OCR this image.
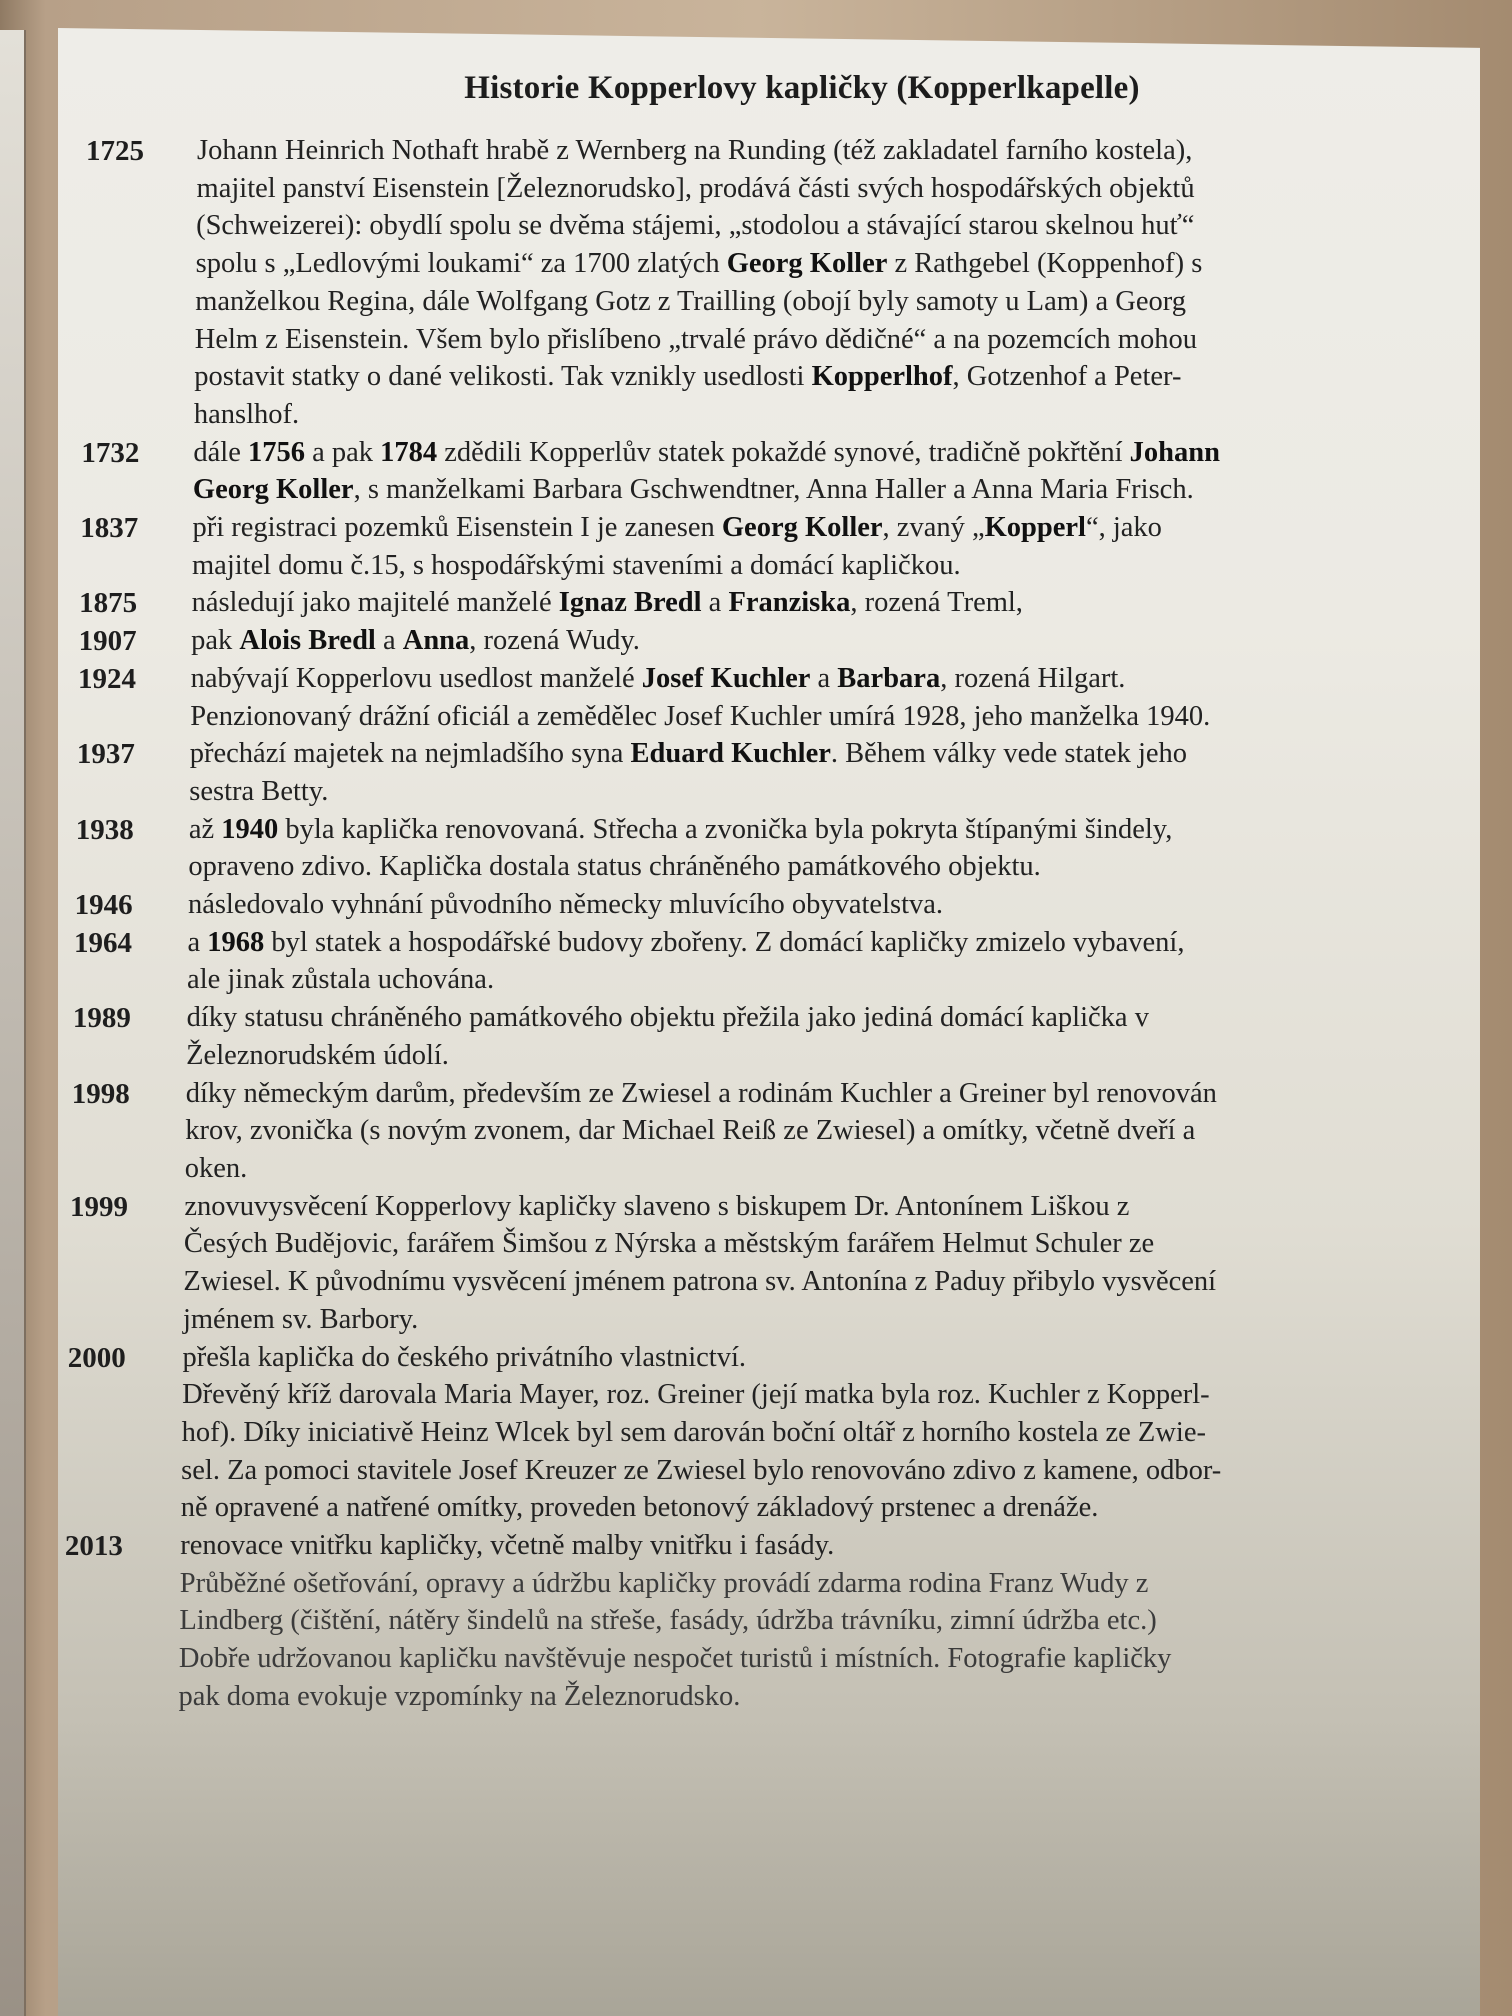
Historie Kopperlovy kapličky (Kopperlkapelle)
1725 Johann Heinrich Nothaft hrabě z Wernberg na Runding (též zakladatel farního kostela),
majitel panství Eisenstein [Železnorudsko], prodává části svých hospodářských objektů
(Schweizerei): obydlí spolu se dvěma stájemi, „stodolou a stávající starou skelnou huť“
spolu s „Ledlovými loukami“ za 1700 zlatých Georg Koller z Rathgebel (Koppenhof) s
manželkou Regina, dále Wolfgang Gotz z Trailling (obojí byly samoty u Lam) a Georg
Helm z Eisenstein. Všem bylo přislíbeno „trvalé právo dědičné“ a na pozemcích mohou
postavit statky o dané velikosti. Tak vznikly usedlosti Kopperlhof, Gotzenhof a Peter-
hanslhof.
1732 dále 1756 a pak 1784 zdědili Kopperlův statek pokaždé synové, tradičně pokřtění Johann
Georg Koller, s manželkami Barbara Gschwendtner, Anna Haller a Anna Maria Frisch.
1837 při registraci pozemků Eisenstein I je zanesen Georg Koller, zvaný „Kopperl“, jako
majitel domu č.15, s hospodářskými staveními a domácí kapličkou.
1875 následují jako majitelé manželé Ignaz Bredl a Franziska, rozená Treml,
1907 pak Alois Bredl a Anna, rozená Wudy.
1924 nabývají Kopperlovu usedlost manželé Josef Kuchler a Barbara, rozená Hilgart.
Penzionovaný drážní oficiál a zemědělec Josef Kuchler umírá 1928, jeho manželka 1940.
1937 přechází majetek na nejmladšího syna Eduard Kuchler. Během války vede statek jeho
sestra Betty.
1938 až 1940 byla kaplička renovovaná. Střecha a zvonička byla pokryta štípanými šindely,
opraveno zdivo. Kaplička dostala status chráněného památkového objektu.
1946 následovalo vyhnání původního německy mluvícího obyvatelstva.
1964 a 1968 byl statek a hospodářské budovy zbořeny. Z domácí kapličky zmizelo vybavení,
ale jinak zůstala uchována.
1989 díky statusu chráněného památkového objektu přežila jako jediná domácí kaplička v
Železnorudském údolí.
1998 díky německým darům, především ze Zwiesel a rodinám Kuchler a Greiner byl renovován
krov, zvonička (s novým zvonem, dar Michael Reiß ze Zwiesel) a omítky, včetně dveří a
oken.
1999 znovuvysvěcení Kopperlovy kapličky slaveno s biskupem Dr. Antonínem Liškou z
Česých Budějovic, farářem Šimšou z Nýrska a městským farářem Helmut Schuler ze
Zwiesel. K původnímu vysvěcení jménem patrona sv. Antonína z Paduy přibylo vysvěcení
jménem sv. Barbory.
2000 přešla kaplička do českého privátního vlastnictví.
Dřevěný kříž darovala Maria Mayer, roz. Greiner (její matka byla roz. Kuchler z Kopperl-
hof). Díky iniciativě Heinz Wlcek byl sem darován boční oltář z horního kostela ze Zwie-
sel. Za pomoci stavitele Josef Kreuzer ze Zwiesel bylo renovováno zdivo z kamene, odbor-
ně opravené a natřené omítky, proveden betonový základový prstenec a drenáže.
2013 renovace vnitřku kapličky, včetně malby vnitřku i fasády.
Průběžné ošetřování, opravy a údržbu kapličky provádí zdarma rodina Franz Wudy z
Lindberg (čištění, nátěry šindelů na střeše, fasády, údržba trávníku, zimní údržba etc.)
Dobře udržovanou kapličku navštěvuje nespočet turistů i místních. Fotografie kapličky
pak doma evokuje vzpomínky na Železnorudsko.
